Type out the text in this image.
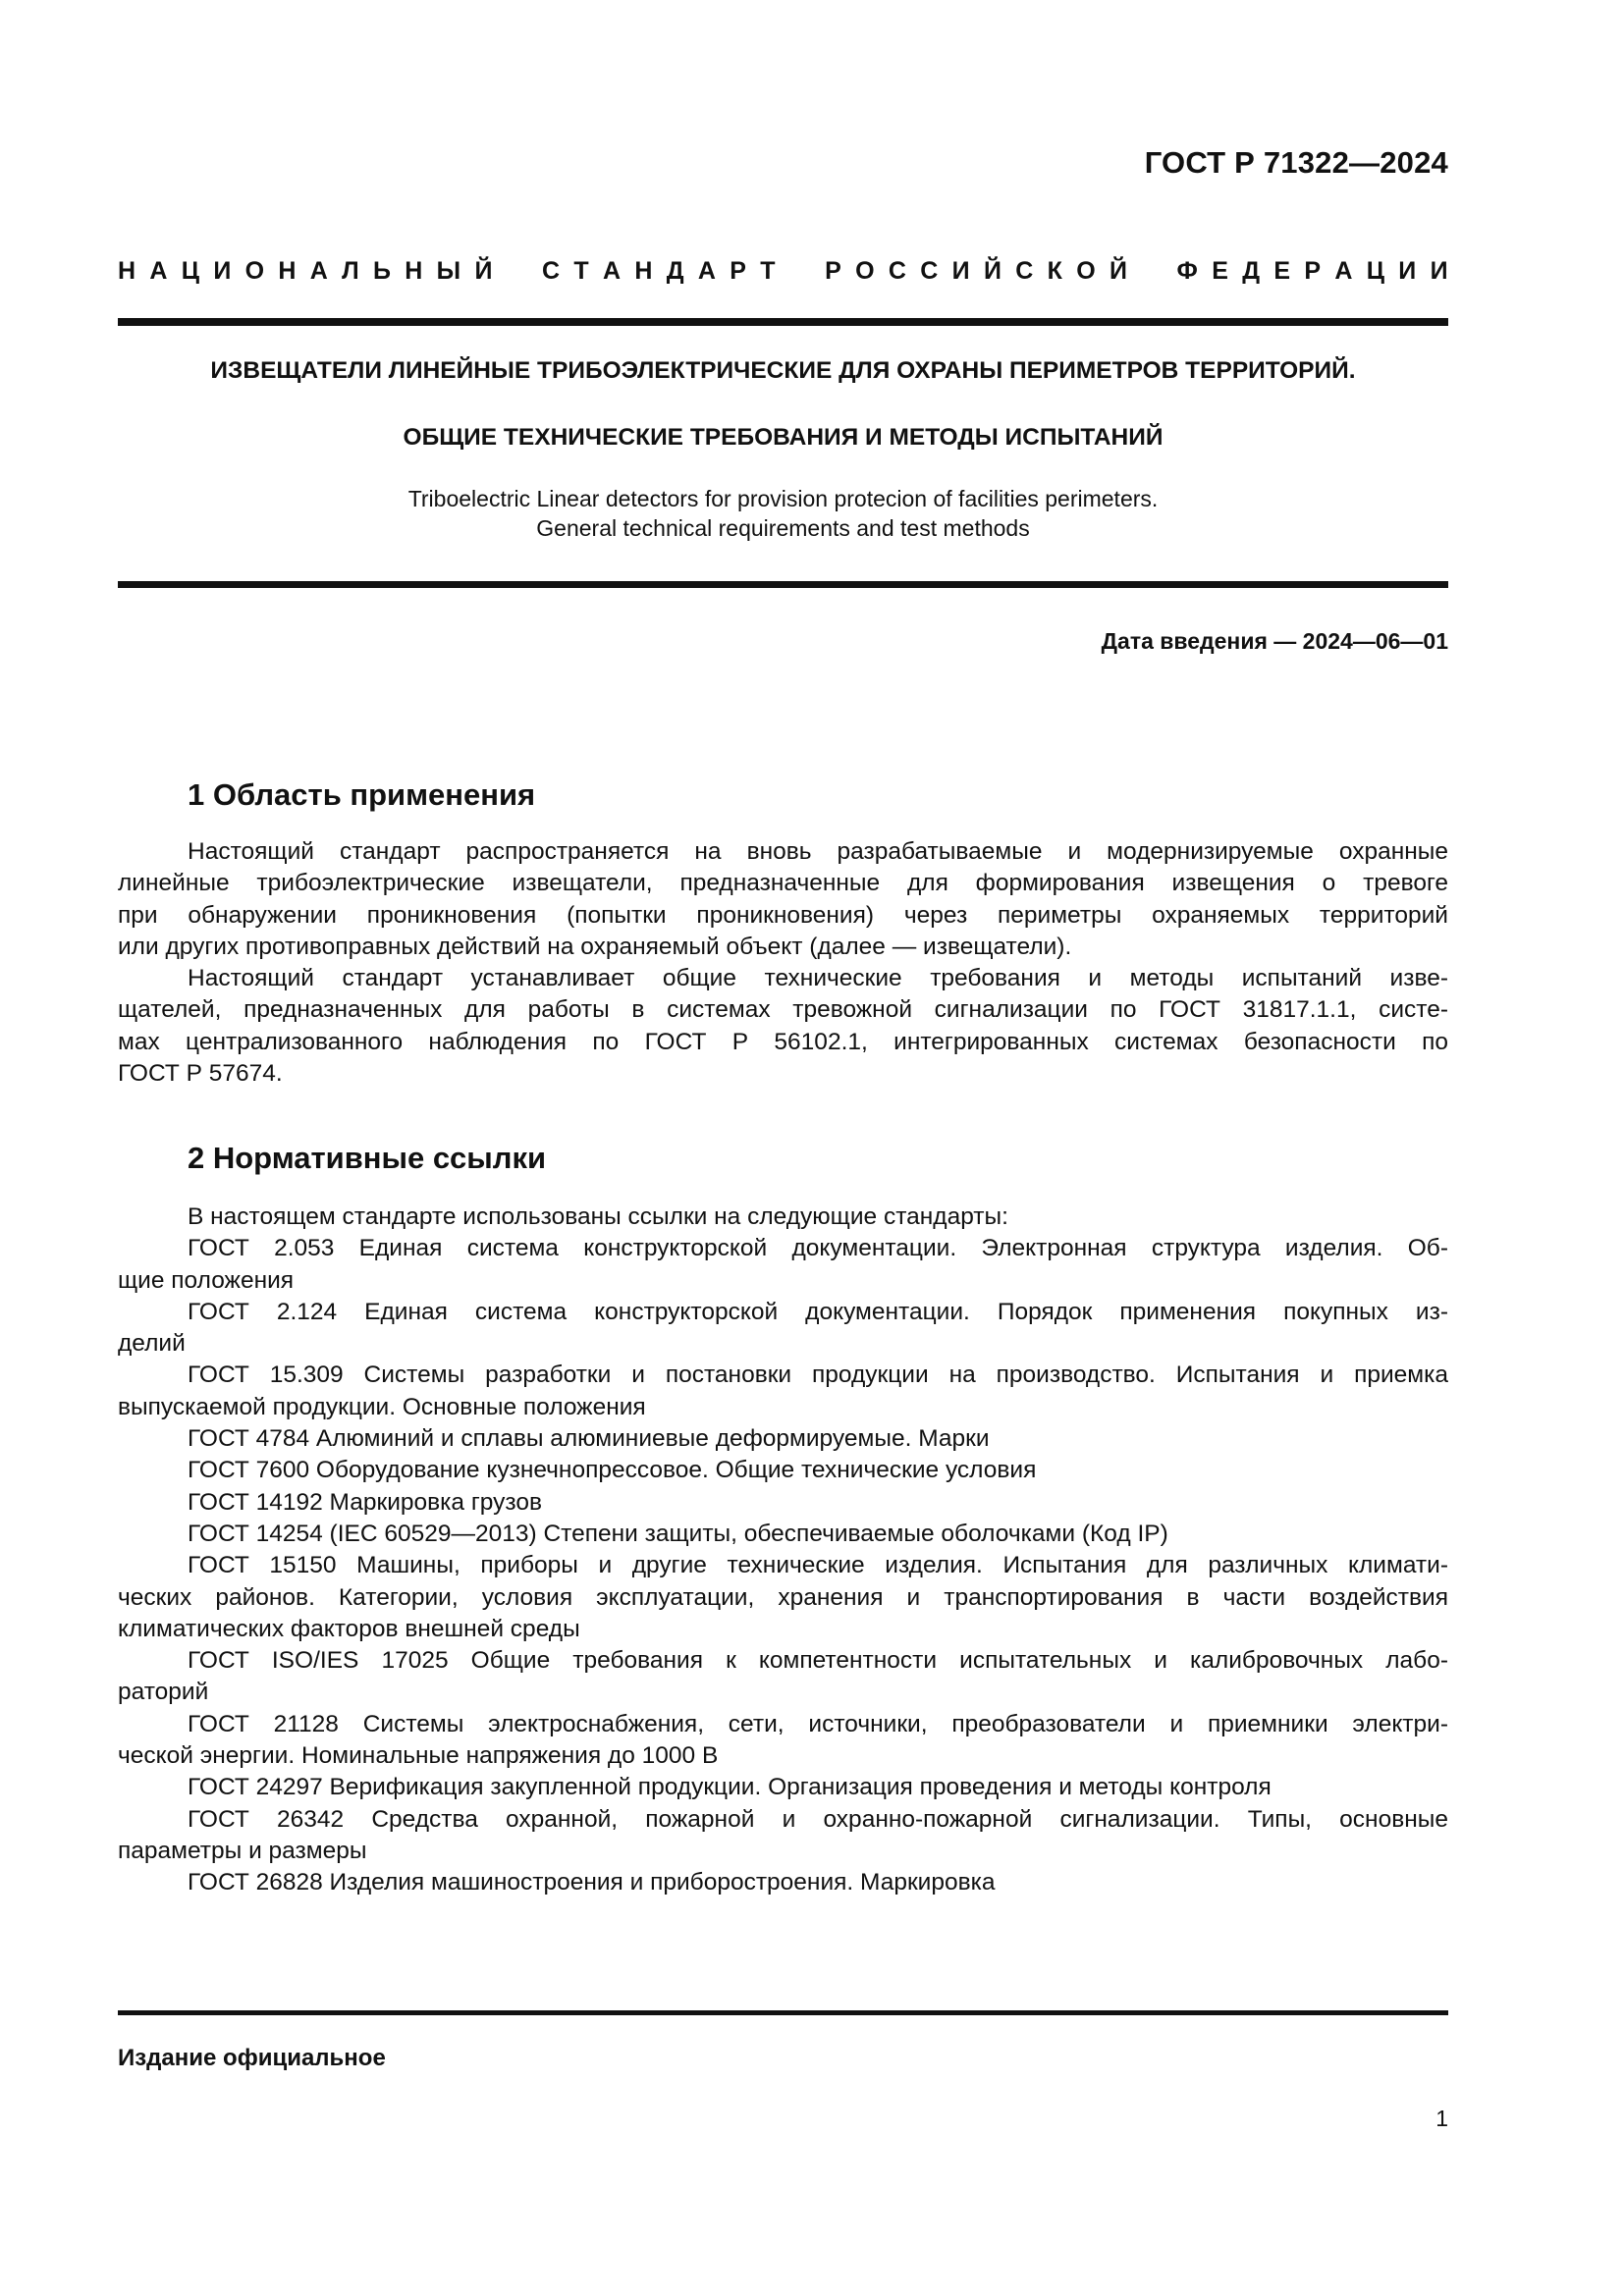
ГОСТ Р 71322—2024
Н А Ц И О Н А Л Ь Н Ы Й С Т А Н Д А Р Т Р О С С И Й С К О Й Ф Е Д Е Р А Ц И И
ИЗВЕЩАТЕЛИ ЛИНЕЙНЫЕ ТРИБОЭЛЕКТРИЧЕСКИЕ ДЛЯ ОХРАНЫ ПЕРИМЕТРОВ ТЕРРИТОРИЙ.
ОБЩИЕ ТЕХНИЧЕСКИЕ ТРЕБОВАНИЯ И МЕТОДЫ ИСПЫТАНИЙ
Triboelectric Linear detectors for provision protecion of facilities perimeters.
General technical requirements and test methods
Дата введения — 2024—06—01
1 Область применения
Настоящий стандарт распространяется на вновь разрабатываемые и модернизируемые охранные
линейные трибоэлектрические извещатели, предназначенные для формирования извещения о тревоге
при обнаружении проникновения (попытки проникновения) через периметры охраняемых территорий
или других противоправных действий на охраняемый объект (далее — извещатели).
Настоящий стандарт устанавливает общие технические требования и методы испытаний изве-
щателей, предназначенных для работы в системах тревожной сигнализации по ГОСТ 31817.1.1, систе-
мах централизованного наблюдения по ГОСТ Р 56102.1, интегрированных системах безопасности по
ГОСТ Р 57674.
2 Нормативные ссылки
В настоящем стандарте использованы ссылки на следующие стандарты:
ГОСТ 2.053 Единая система конструкторской документации. Электронная структура изделия. Об-
щие положения
ГОСТ 2.124 Единая система конструкторской документации. Порядок применения покупных из-
делий
ГОСТ 15.309 Системы разработки и постановки продукции на производство. Испытания и приемка
выпускаемой продукции. Основные положения
ГОСТ 4784 Алюминий и сплавы алюминиевые деформируемые. Марки
ГОСТ 7600 Оборудование кузнечнопрессовое. Общие технические условия
ГОСТ 14192 Маркировка грузов
ГОСТ 14254 (IEC 60529—2013) Степени защиты, обеспечиваемые оболочками (Код IP)
ГОСТ 15150 Машины, приборы и другие технические изделия. Испытания для различных климати-
ческих районов. Категории, условия эксплуатации, хранения и транспортирования в части воздействия
климатических факторов внешней среды
ГОСТ ISO/IES 17025 Общие требования к компетентности испытательных и калибровочных лабо-
раторий
ГОСТ 21128 Системы электроснабжения, сети, источники, преобразователи и приемники электри-
ческой энергии. Номинальные напряжения до 1000 В
ГОСТ 24297 Верификация закупленной продукции. Организация проведения и методы контроля
ГОСТ 26342 Средства охранной, пожарной и охранно-пожарной сигнализации. Типы, основные
параметры и размеры
ГОСТ 26828 Изделия машиностроения и приборостроения. Маркировка
Издание официальное
1
